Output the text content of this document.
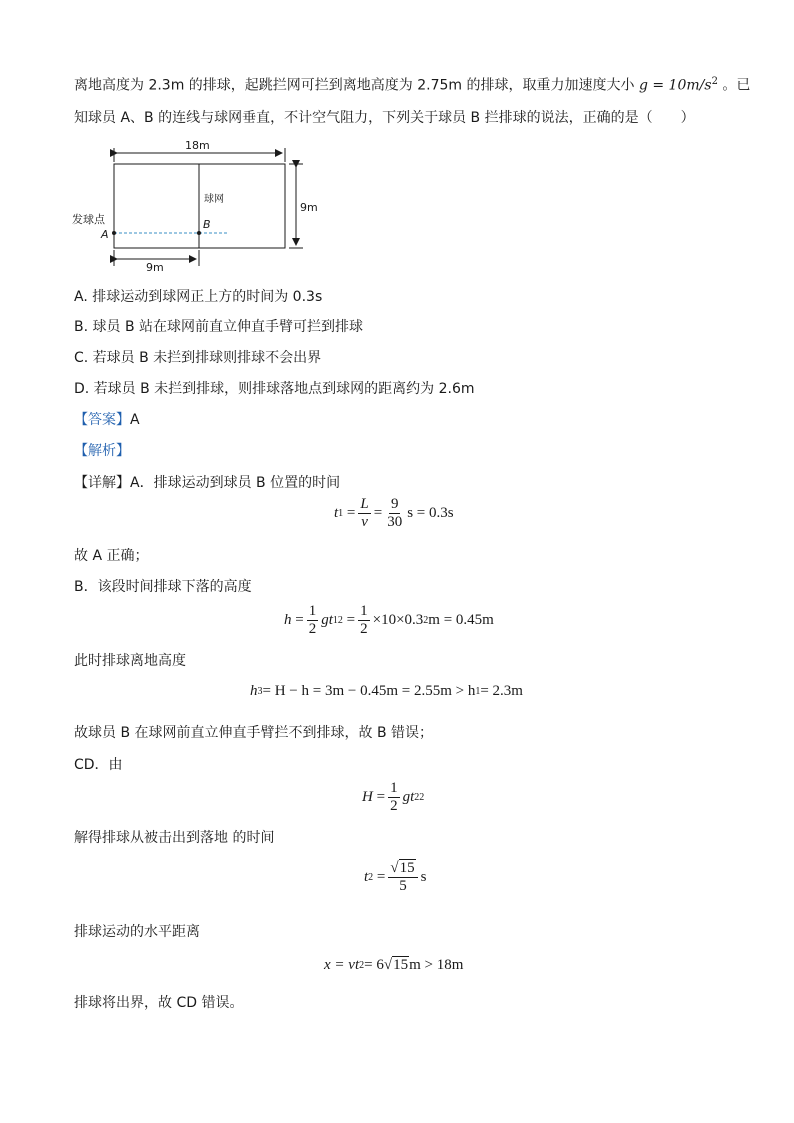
离地高度为 2.3m 的排球，起跳拦网可拦到离地高度为 2.75m 的排球，取重力加速度大小 $g = 10m/s^2$ 。已
知球员 A、B 的连线与球网垂直，不计空气阻力，下列关于球员 B 拦排球的说法，正确的是（　　）
18m
球网
9m
B
发球点
A
9m
A. 排球运动到球网正上方的时间为 0.3s
B. 球员 B 站在球网前直立伸直手臂可拦到排球
C. 若球员 B 未拦到排球则排球不会出界
D. 若球员 B 未拦到排球，则排球落地点到球网的距离约为 2.6m
【答案】A
【解析】
【详解】A．排球运动到球员 B 位置的时间
t $1 = \frac{L}{v} = \frac{9}{30}$ s = 0.3s
故 A 正确；
B．该段时间排球下落的高度
$h = \frac{1}{2}$ gt 1 $2 = \frac{1}{2} \times 10\times 0.3$ 2 m = 0.45m
此时排球离地高度
h 3 = H − h = 3m − 0.45m = 2.55m > h 1 = 2.3m
故球员 B 在球网前直立伸直手臂拦不到排球，故 B 错误；
CD．由
$H = \frac{1}{2}$ gt 2 2
解得排球从被击出到落地 的时间
t $2 = \frac{√15}{5}$ s
排球运动的水平距离
x = vt 2 = 6 √ 15 m > 18m
排球将出界，故 CD 错误。
